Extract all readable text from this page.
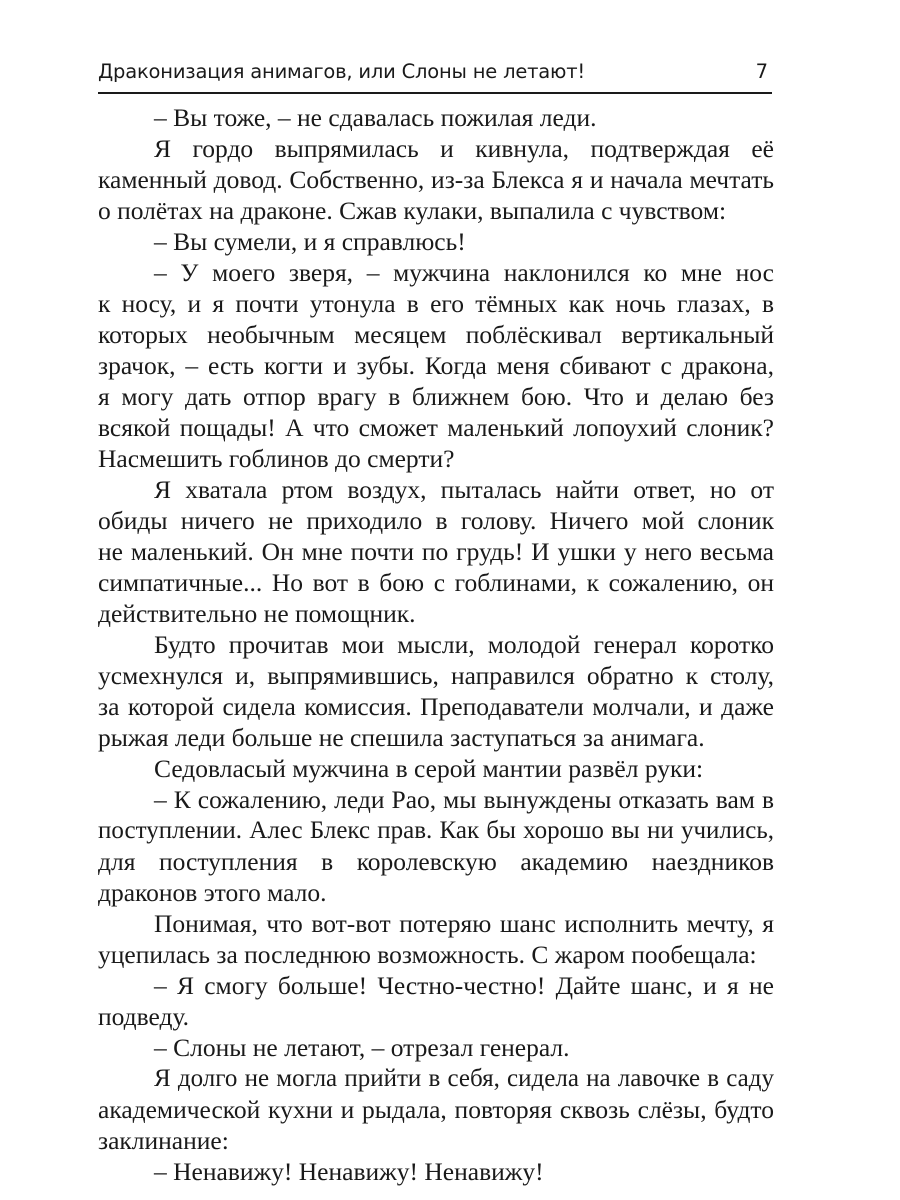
Драконизация анимагов, или Слоны не летают!	7
– Вы тоже, – не сдавалась пожилая леди.
Я гордо выпрямилась и кивнула, подтверждая её
каменный довод. Собственно, из-за Блекса я и начала мечтать
о полётах на драконе. Сжав кулаки, выпалила с чувством:
– Вы сумели, и я справлюсь!
– У моего зверя, – мужчина наклонился ко мне нос
к носу, и я почти утонула в его тёмных как ночь глазах, в
которых необычным месяцем поблёскивал вертикальный
зрачок, – есть когти и зубы. Когда меня сбивают с дракона,
я могу дать отпор врагу в ближнем бою. Что и делаю без
всякой пощады! А что сможет маленький лопоухий слоник?
Насмешить гоблинов до смерти?
Я хватала ртом воздух, пыталась найти ответ, но от
обиды ничего не приходило в голову. Ничего мой слоник
не маленький. Он мне почти по грудь! И ушки у него весьма
симпатичные... Но вот в бою с гоблинами, к сожалению, он
действительно не помощник.
Будто прочитав мои мысли, молодой генерал коротко
усмехнулся и, выпрямившись, направился обратно к столу,
за которой сидела комиссия. Преподаватели молчали, и даже
рыжая леди больше не спешила заступаться за анимага.
Седовласый мужчина в серой мантии развёл руки:
– К сожалению, леди Рао, мы вынуждены отказать вам в
поступлении. Алес Блекс прав. Как бы хорошо вы ни учились,
для поступления в королевскую академию наездников
драконов этого мало.
Понимая, что вот-вот потеряю шанс исполнить мечту, я
уцепилась за последнюю возможность. С жаром пообещала:
– Я смогу больше! Честно-честно! Дайте шанс, и я не
подведу.
– Слоны не летают, – отрезал генерал.
Я долго не могла прийти в себя, сидела на лавочке в саду
академической кухни и рыдала, повторяя сквозь слёзы, будто
заклинание:
– Ненавижу! Ненавижу! Ненавижу!
